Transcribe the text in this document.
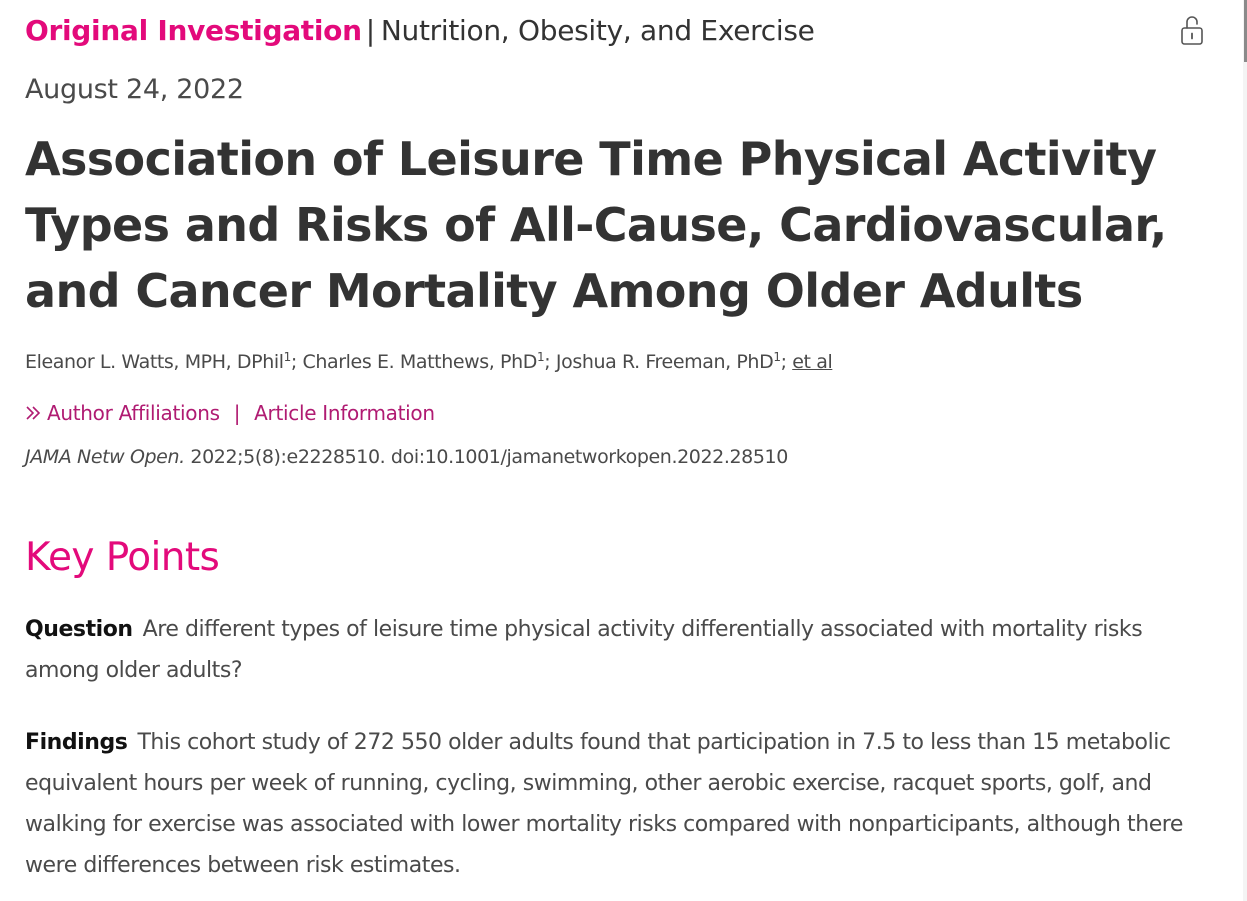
Original Investigation | Nutrition, Obesity, and Exercise
August 24, 2022
Association of Leisure Time Physical Activity Types and Risks of All-Cause, Cardiovascular, and Cancer Mortality Among Older Adults
Eleanor L. Watts, MPH, DPhil$^1$; Charles E. Matthews, PhD$^1$; Joshua R. Freeman, PhD$^1$; et al
Author Affiliations | Article Information
JAMA Netw Open. 2022;5(8):e2228510. doi:10.1001/jamanetworkopen.2022.28510
Key Points

Question Are different types of leisure time physical activity differentially associated with mortality risks among older adults?

Findings This cohort study of 272 550 older adults found that participation in 7.5 to less than 15 metabolic equivalent hours per week of running, cycling, swimming, other aerobic exercise, racquet sports, golf, and walking for exercise was associated with lower mortality risks compared with nonparticipants, although there were differences between risk estimates.
